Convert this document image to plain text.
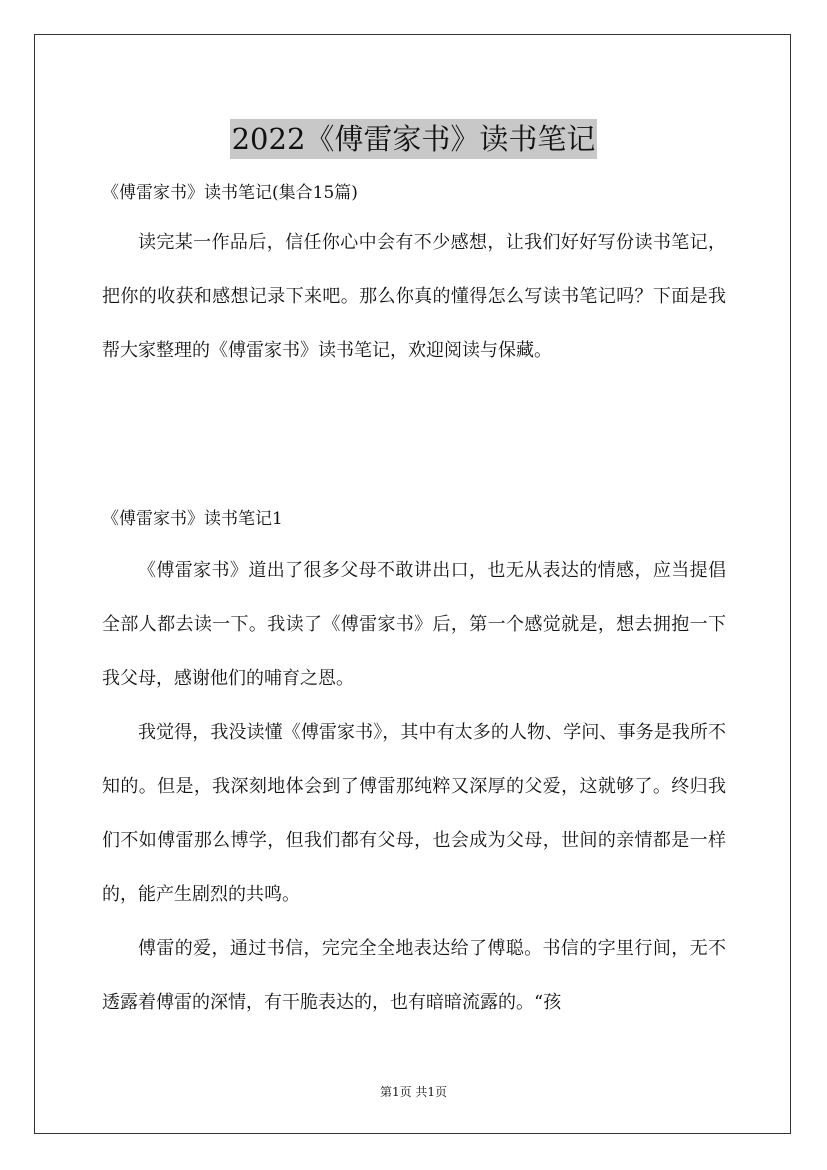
2022《傅雷家书》读书笔记
《傅雷家书》读书笔记(集合15篇)

读完某一作品后，信任你心中会有不少感想，让我们好好写份读书笔记，把你的收获和感想记录下来吧。那么你真的懂得怎么写读书笔记吗？下面是我帮大家整理的《傅雷家书》读书笔记，欢迎阅读与保藏。

《傅雷家书》读书笔记1

《傅雷家书》道出了很多父母不敢讲出口，也无从表达的情感，应当提倡全部人都去读一下。我读了《傅雷家书》后，第一个感觉就是，想去拥抱一下我父母，感谢他们的哺育之恩。

我觉得，我没读懂《傅雷家书》，其中有太多的人物、学问、事务是我所不知的。但是，我深刻地体会到了傅雷那纯粹又深厚的父爱，这就够了。终归我们不如傅雷那么博学，但我们都有父母，也会成为父母，世间的亲情都是一样的，能产生剧烈的共鸣。

傅雷的爱，通过书信，完完全全地表达给了傅聪。书信的字里行间，无不透露着傅雷的深情，有干脆表达的，也有暗暗流露的。“孩

第1页 共1页
